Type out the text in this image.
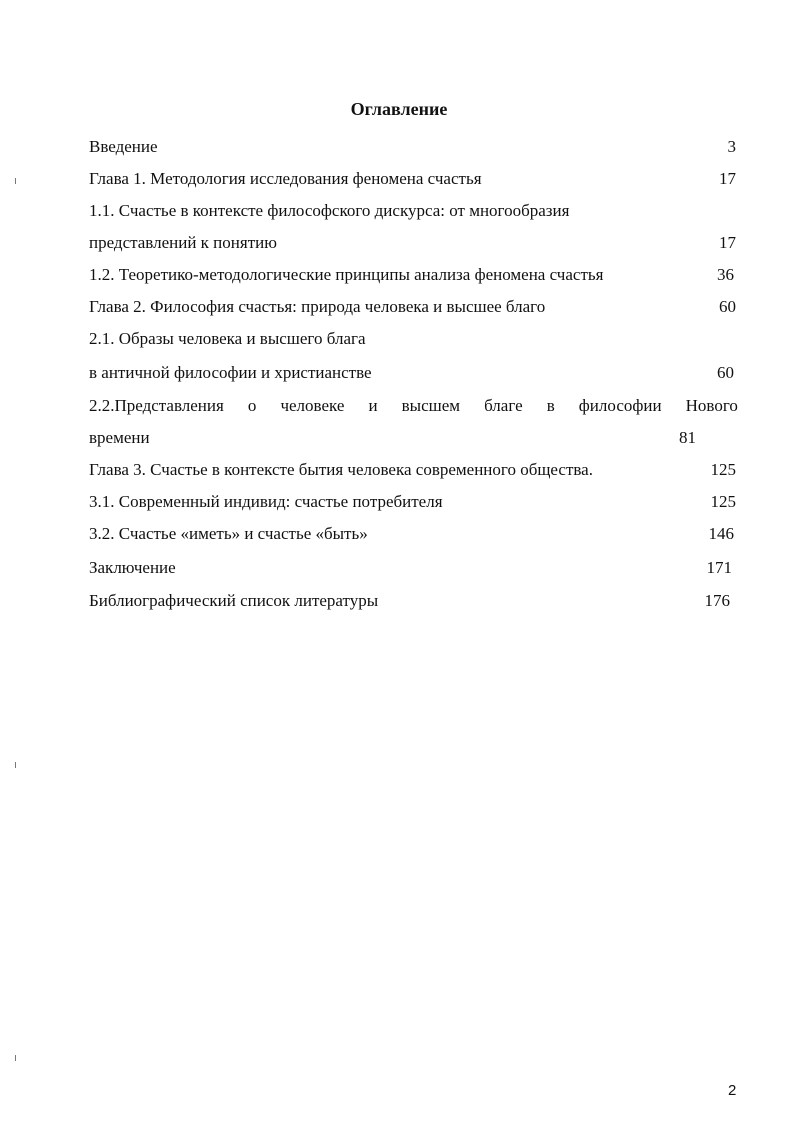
Оглавление
Введение	3
Глава 1. Методология исследования феномена счастья	17
1.1. Счастье в контексте философского дискурса: от многообразия
представлений к понятию	17
1.2. Теоретико-методологические принципы анализа феномена счастья	36
Глава 2. Философия счастья: природа человека и высшее благо	60
2.1. Образы человека и высшего блага
в античной философии и христианстве	60
2.2.Представления о человеке и высшем благе в философии Нового
времени	81
Глава 3. Счастье в контексте бытия человека современного общества.	125
3.1. Современный индивид: счастье потребителя	125
3.2. Счастье «иметь» и счастье «быть»	146
Заключение	171
Библиографический список литературы	176
2
